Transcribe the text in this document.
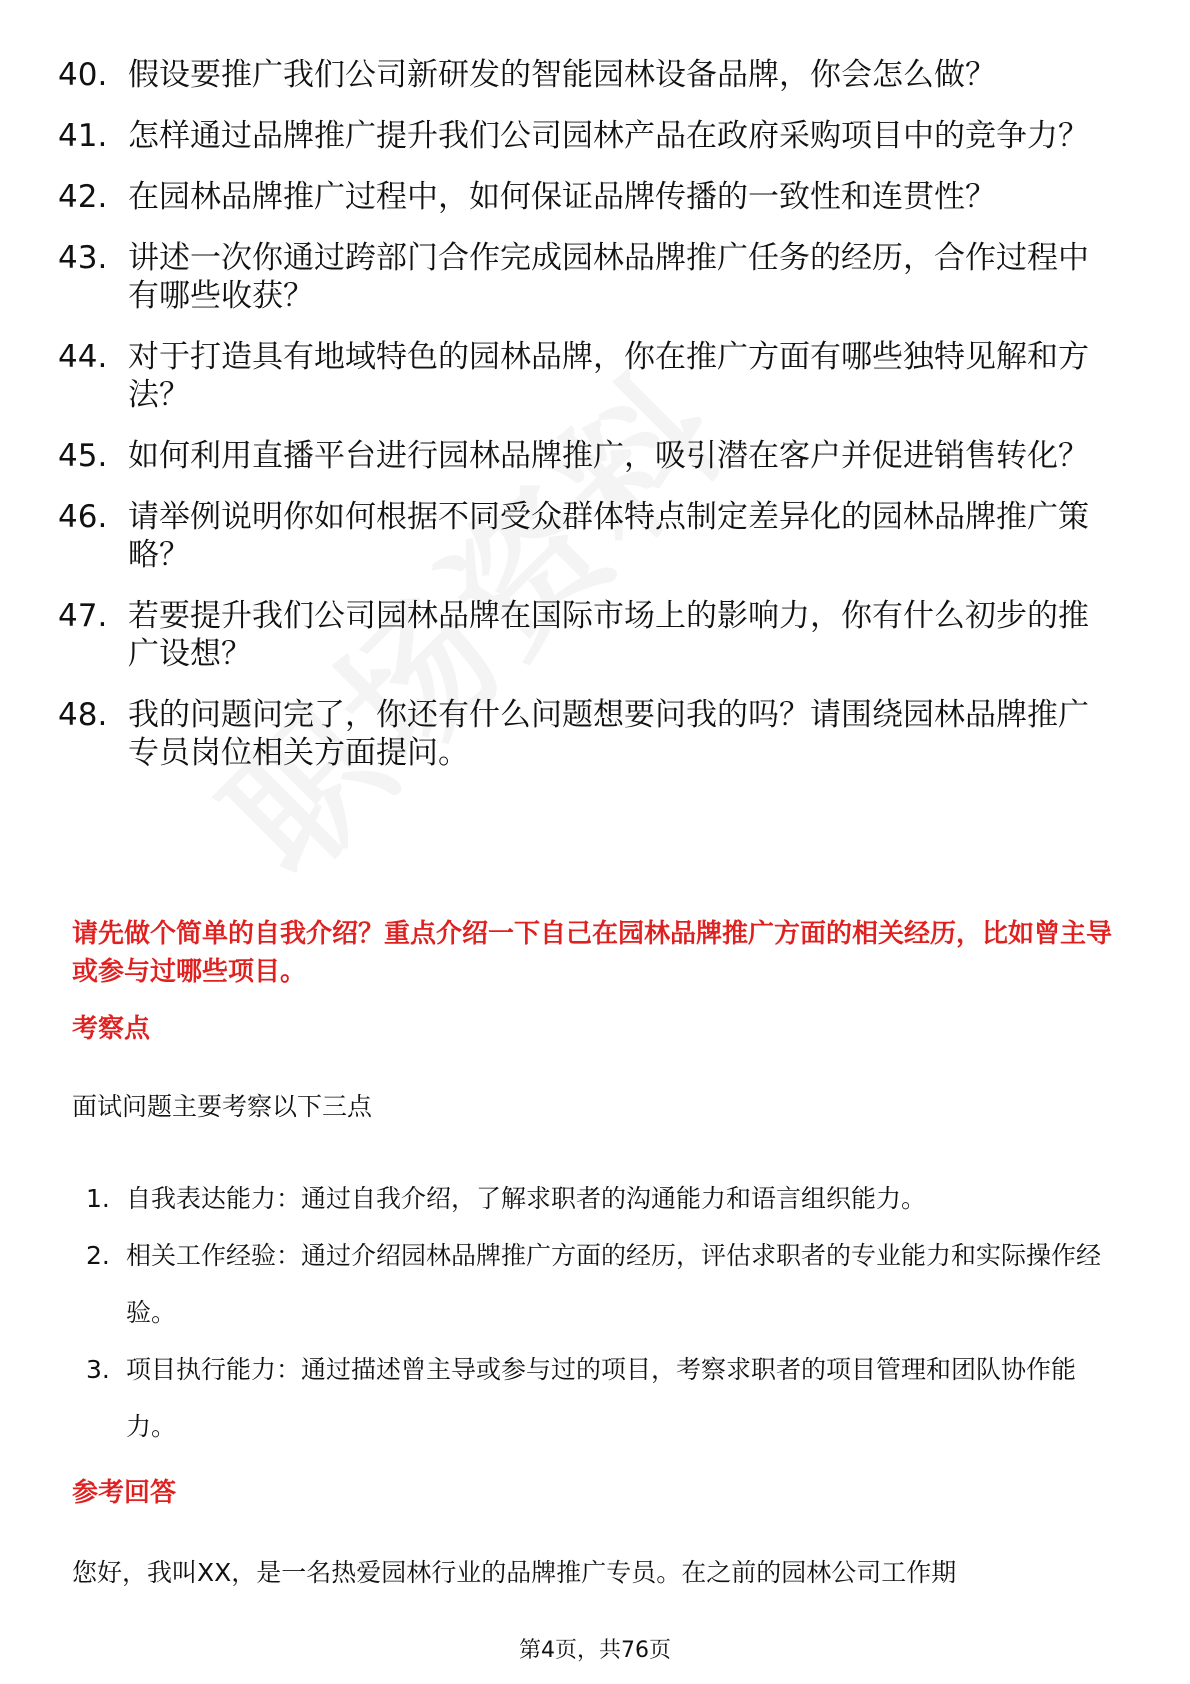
40. 假设要推广我们公司新研发的智能园林设备品牌，你会怎么做？
41. 怎样通过品牌推广提升我们公司园林产品在政府采购项目中的竞争力？
42. 在园林品牌推广过程中，如何保证品牌传播的一致性和连贯性？
43. 讲述一次你通过跨部门合作完成园林品牌推广任务的经历，合作过程中有哪些收获？
44. 对于打造具有地域特色的园林品牌，你在推广方面有哪些独特见解和方法？
45. 如何利用直播平台进行园林品牌推广，吸引潜在客户并促进销售转化？
46. 请举例说明你如何根据不同受众群体特点制定差异化的园林品牌推广策略？
47. 若要提升我们公司园林品牌在国际市场上的影响力，你有什么初步的推广设想？
48. 我的问题问完了，你还有什么问题想要问我的吗？请围绕园林品牌推广专员岗位相关方面提问。
请先做个简单的自我介绍？重点介绍一下自己在园林品牌推广方面的相关经历，比如曾主导或参与过哪些项目。
考察点
面试问题主要考察以下三点
1. 自我表达能力：通过自我介绍，了解求职者的沟通能力和语言组织能力。
2. 相关工作经验：通过介绍园林品牌推广方面的经历，评估求职者的专业能力和实际操作经验。
3. 项目执行能力：通过描述曾主导或参与过的项目，考察求职者的项目管理和团队协作能力。
参考回答
您好，我叫XX，是一名热爱园林行业的品牌推广专员。在之前的园林公司工作期
第4页，共76页
